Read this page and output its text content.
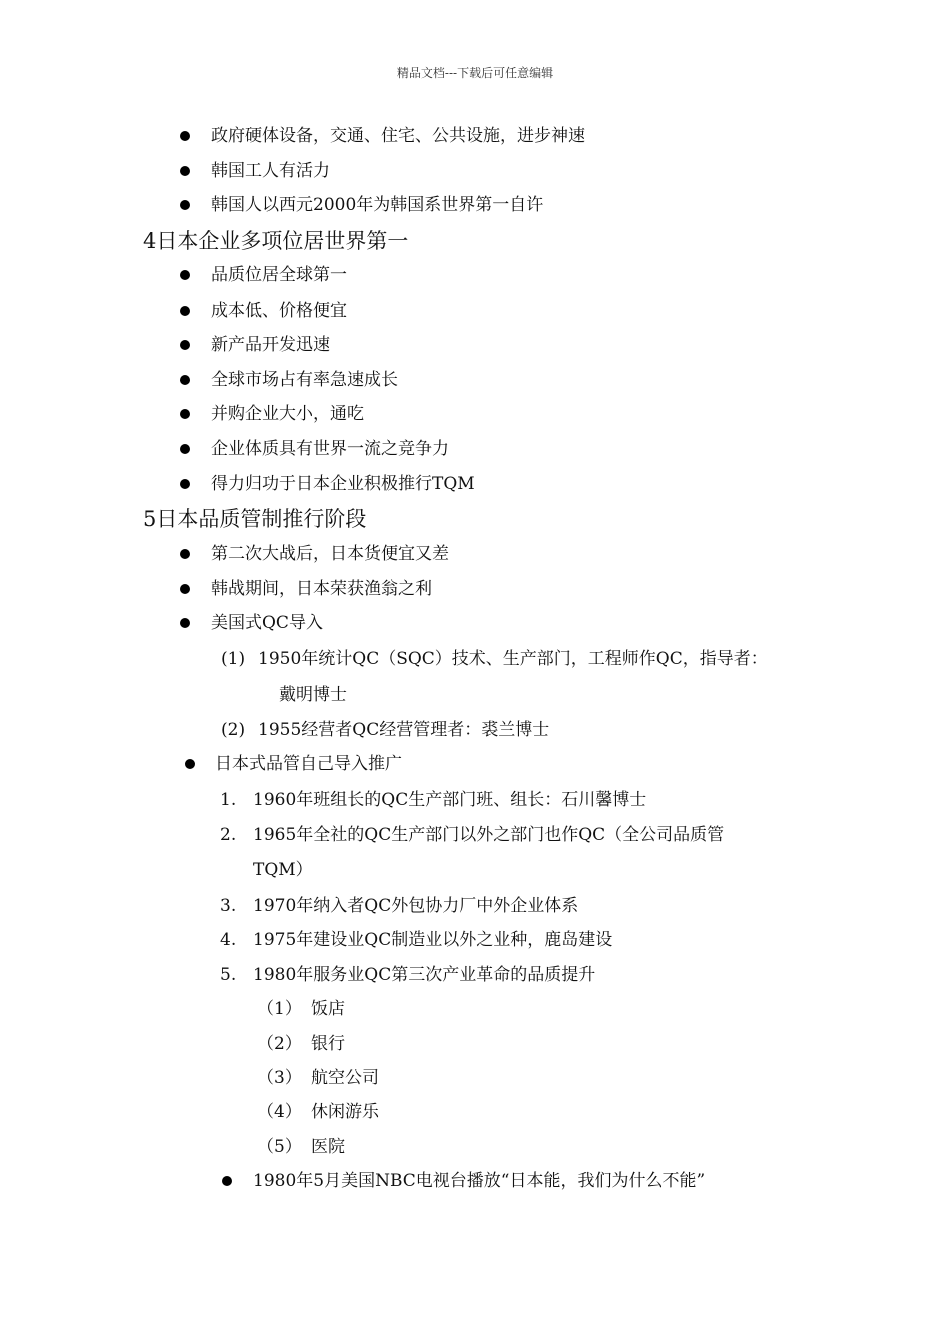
精品文档---下载后可任意编辑
政府硬体设备，交通、住宅、公共设施，进步神速
韩国工人有活力
韩国人以西元2000年为韩国系世界第一自许
4日本企业多项位居世界第一
品质位居全球第一
成本低、价格便宜
新产品开发迅速
全球市场占有率急速成长
并购企业大小，通吃
企业体质具有世界一流之竞争力
得力归功于日本企业积极推行TQM
5日本品质管制推行阶段
第二次大战后，日本货便宜又差
韩战期间，日本荣获渔翁之利
美国式QC导入
(1) 1950年统计QC（SQC）技术、生产部门，工程师作QC，指导者：
戴明博士
(2) 1955经营者QC经营管理者：裘兰博士
日本式品管自己导入推广
1. 1960年班组长的QC生产部门班、组长：石川馨博士
2. 1965年全社的QC生产部门以外之部门也作QC（全公司品质管
TQM）
3. 1970年纳入者QC外包协力厂中外企业体系
4. 1975年建设业QC制造业以外之业种，鹿岛建设
5. 1980年服务业QC第三次产业革命的品质提升
（1） 饭店
（2） 银行
（3） 航空公司
（4） 休闲游乐
（5） 医院
1980年5月美国NBC电视台播放“日本能，我们为什么不能”
